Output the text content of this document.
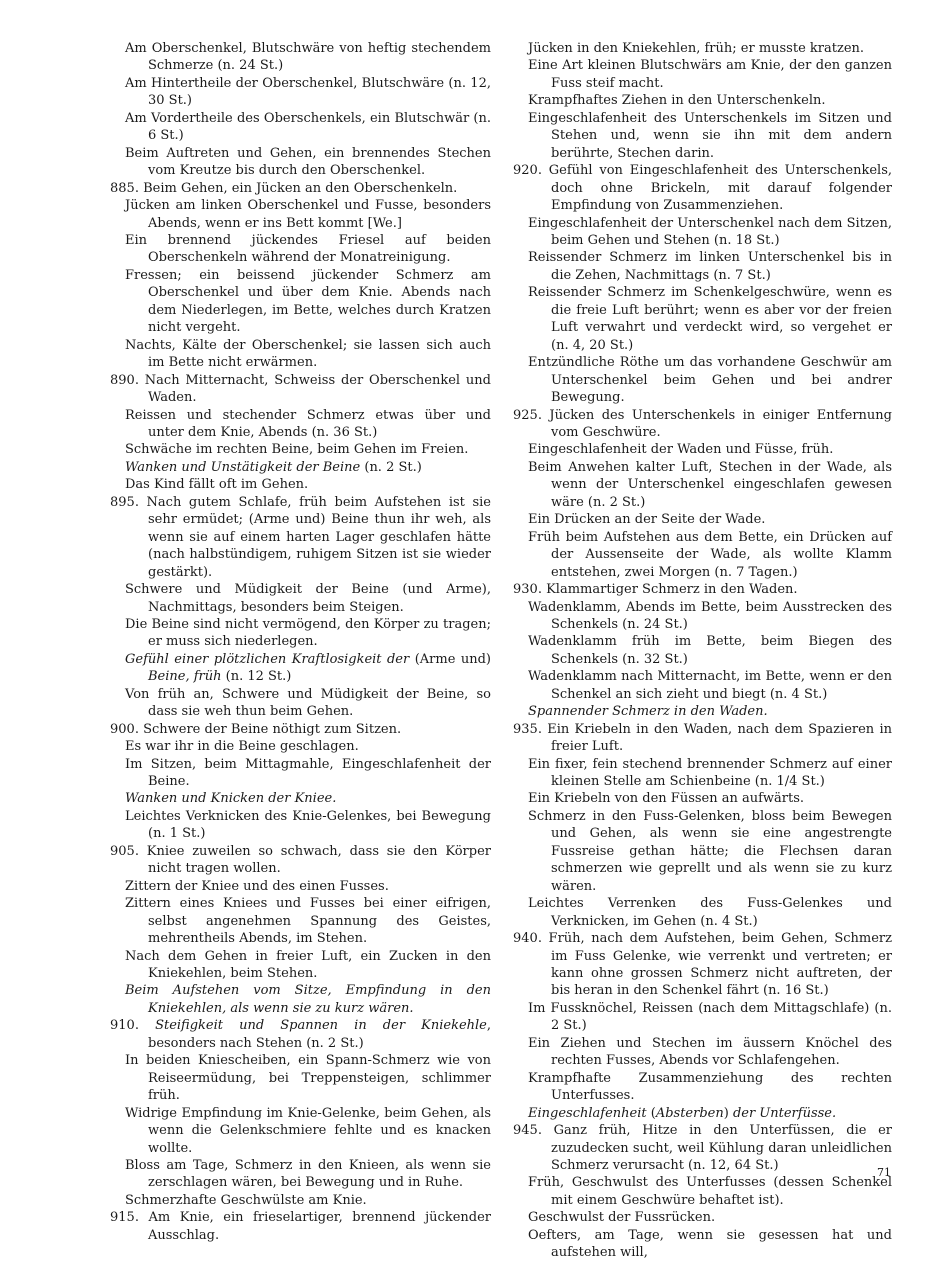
Am Oberschenkel, Blutschwäre von heftig stechendem Schmerze (n. 24 St.)

Am Hintertheile der Oberschenkel, Blutschwäre (n. 12, 30 St.)

Am Vordertheile des Oberschenkels, ein Blutschwär (n. 6 St.)

Beim Auftreten und Gehen, ein brennendes Stechen vom Kreutze bis durch den Oberschenkel.

885. Beim Gehen, ein Jücken an den Oberschenkeln.

Jücken am linken Oberschenkel und Fusse, besonders Abends, wenn er ins Bett kommt [We.]

Ein brennend jückendes Friesel auf beiden Oberschenkeln während der Monatreinigung.

Fressen; ein beissend jückender Schmerz am Oberschenkel und über dem Knie. Abends nach dem Niederlegen, im Bette, welches durch Kratzen nicht vergeht.

Nachts, Kälte der Oberschenkel; sie lassen sich auch im Bette nicht erwärmen.

890. Nach Mitternacht, Schweiss der Oberschenkel und Waden.

Reissen und stechender Schmerz etwas über und unter dem Knie, Abends (n. 36 St.)

Schwäche im rechten Beine, beim Gehen im Freien.

Wanken und Unstätigkeit der Beine (n. 2 St.)

Das Kind fällt oft im Gehen.

895. Nach gutem Schlafe, früh beim Aufstehen ist sie sehr ermüdet; (Arme und) Beine thun ihr weh, als wenn sie auf einem harten Lager geschlafen hätte (nach halbstündigem, ruhigem Sitzen ist sie wieder gestärkt).

Schwere und Müdigkeit der Beine (und Arme), Nachmittags, besonders beim Steigen.

Die Beine sind nicht vermögend, den Körper zu tragen; er muss sich niederlegen.

Gefühl einer plötzlichen Kraftlosigkeit der (Arme und) Beine, früh (n. 12 St.)

Von früh an, Schwere und Müdigkeit der Beine, so dass sie weh thun beim Gehen.

900. Schwere der Beine nöthigt zum Sitzen.

Es war ihr in die Beine geschlagen.

Im Sitzen, beim Mittagmahle, Eingeschlafenheit der Beine.

Wanken und Knicken der Kniee.

Leichtes Verknicken des Knie-Gelenkes, bei Bewegung (n. 1 St.)

905. Kniee zuweilen so schwach, dass sie den Körper nicht tragen wollen.

Zittern der Kniee und des einen Fusses.

Zittern eines Kniees und Fusses bei einer eifrigen, selbst angenehmen Spannung des Geistes, mehrentheils Abends, im Stehen.

Nach dem Gehen in freier Luft, ein Zucken in den Kniekehlen, beim Stehen.

Beim Aufstehen vom Sitze, Empfindung in den Kniekehlen, als wenn sie zu kurz wären.

910. Steifigkeit und Spannen in der Kniekehle, besonders nach Stehen (n. 2 St.)

In beiden Kniescheiben, ein Spann-Schmerz wie von Reiseermüdung, bei Treppensteigen, schlimmer früh.

Widrige Empfindung im Knie-Gelenke, beim Gehen, als wenn die Gelenkschmiere fehlte und es knacken wollte.

Bloss am Tage, Schmerz in den Knieen, als wenn sie zerschlagen wären, bei Bewegung und in Ruhe.

Schmerzhafte Geschwülste am Knie.

915. Am Knie, ein frieselartiger, brennend jückender Ausschlag.

Jücken in den Kniekehlen, früh; er musste kratzen.

Eine Art kleinen Blutschwärs am Knie, der den ganzen Fuss steif macht.

Krampfhaftes Ziehen in den Unterschenkeln.

Eingeschlafenheit des Unterschenkels im Sitzen und Stehen und, wenn sie ihn mit dem andern berührte, Stechen darin.

920. Gefühl von Eingeschlafenheit des Unterschenkels, doch ohne Brickeln, mit darauf folgender Empfindung von Zusammenziehen.

Eingeschlafenheit der Unterschenkel nach dem Sitzen, beim Gehen und Stehen (n. 18 St.)

Reissender Schmerz im linken Unterschenkel bis in die Zehen, Nachmittags (n. 7 St.)

Reissender Schmerz im Schenkelgeschwüre, wenn es die freie Luft berührt; wenn es aber vor der freien Luft verwahrt und verdeckt wird, so vergehet er (n. 4, 20 St.)

Entzündliche Röthe um das vorhandene Geschwür am Unterschenkel beim Gehen und bei andrer Bewegung.

925. Jücken des Unterschenkels in einiger Entfernung vom Geschwüre.

Eingeschlafenheit der Waden und Füsse, früh.

Beim Anwehen kalter Luft, Stechen in der Wade, als wenn der Unterschenkel eingeschlafen gewesen wäre (n. 2 St.)

Ein Drücken an der Seite der Wade.

Früh beim Aufstehen aus dem Bette, ein Drücken auf der Aussenseite der Wade, als wollte Klamm entstehen, zwei Morgen (n. 7 Tagen.)

930. Klammartiger Schmerz in den Waden.

Wadenklamm, Abends im Bette, beim Ausstrecken des Schenkels (n. 24 St.)

Wadenklamm früh im Bette, beim Biegen des Schenkels (n. 32 St.)

Wadenklamm nach Mitternacht, im Bette, wenn er den Schenkel an sich zieht und biegt (n. 4 St.)

Spannender Schmerz in den Waden.

935. Ein Kriebeln in den Waden, nach dem Spazieren in freier Luft.

Ein fixer, fein stechend brennender Schmerz auf einer kleinen Stelle am Schienbeine (n. 1/4 St.)

Ein Kriebeln von den Füssen an aufwärts.

Schmerz in den Fuss-Gelenken, bloss beim Bewegen und Gehen, als wenn sie eine angestrengte Fussreise gethan hätte; die Flechsen daran schmerzen wie geprellt und als wenn sie zu kurz wären.

Leichtes Verrenken des Fuss-Gelenkes und Verknicken, im Gehen (n. 4 St.)

940. Früh, nach dem Aufstehen, beim Gehen, Schmerz im Fuss Gelenke, wie verrenkt und vertreten; er kann ohne grossen Schmerz nicht auftreten, der bis heran in den Schenkel fährt (n. 16 St.)

Im Fussknöchel, Reissen (nach dem Mittagschlafe) (n. 2 St.)

Ein Ziehen und Stechen im äussern Knöchel des rechten Fusses, Abends vor Schlafengehen.

Krampfhafte Zusammenziehung des rechten Unterfusses.

Eingeschlafenheit (Absterben) der Unterfüsse.

945. Ganz früh, Hitze in den Unterfüssen, die er zuzudecken sucht, weil Kühlung daran unleidlichen Schmerz verursacht (n. 12, 64 St.)

Früh, Geschwulst des Unterfusses (dessen Schenkel mit einem Geschwüre behaftet ist).

Geschwulst der Fussrücken.

Oefters, am Tage, wenn sie gesessen hat und aufstehen will,

71
